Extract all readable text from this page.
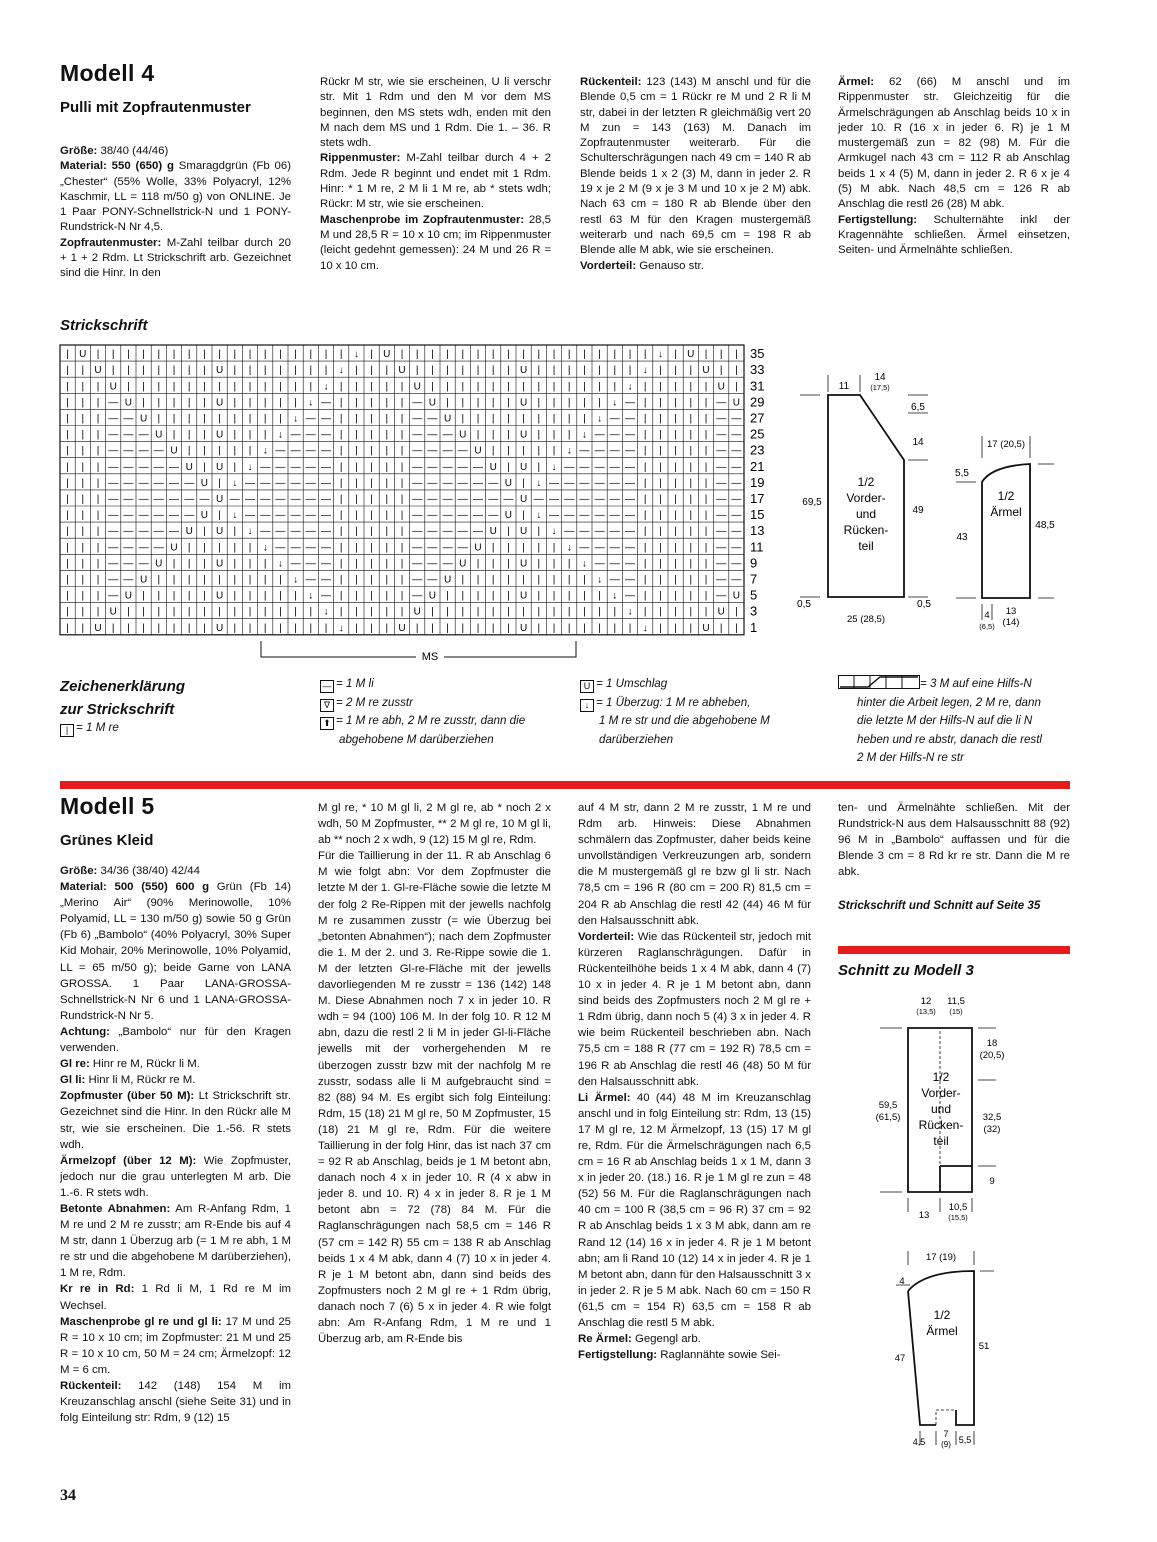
Modell 4
Pulli mit Zopfrautenmuster

Größe: 38/40 (44/46)

Material: 550 (650) g Smaragdgrün (Fb 06) „Chester“ (55% Wolle, 33% Polyacryl, 12% Kaschmir, LL = 118 m/50 g) von ONLINE. Je 1 Paar PONY-Schnellstrick-N und 1 PONY-Rundstrick-N Nr 4,5.

Zopfrautenmuster: M-Zahl teilbar durch 20 + 1 + 2 Rdm. Lt Strickschrift arb. Gezeichnet sind die Hinr. In den

Rückr M str, wie sie erscheinen, U li verschr str. Mit 1 Rdm und den M vor dem MS beginnen, den MS stets wdh, enden mit den M nach dem MS und 1 Rdm. Die 1. – 36. R stets wdh.

Rippenmuster: M-Zahl teilbar durch 4 + 2 Rdm. Jede R beginnt und endet mit 1 Rdm. Hinr: * 1 M re, 2 M li 1 M re, ab * stets wdh; Rückr: M str, wie sie erscheinen.

Maschenprobe im Zopfrautenmuster: 28,5 M und 28,5 R = 10 x 10 cm; im Rippenmuster (leicht gedehnt gemessen): 24 M und 26 R = 10 x 10 cm.

Rückenteil: 123 (143) M anschl und für die Blende 0,5 cm = 1 Rückr re M und 2 R li M str, dabei in der letzten R gleichmäßig vert 20 M zun = 143 (163) M. Danach im Zopfrautenmuster weiterarb. Für die Schulterschrägungen nach 49 cm = 140 R ab Blende beids 1 x 2 (3) M, dann in jeder 2. R 19 x je 2 M (9 x je 3 M und 10 x je 2 M) abk. Nach 63 cm = 180 R ab Blende über den restl 63 M für den Kragen mustergemäß weiterarb und nach 69,5 cm = 198 R ab Blende alle M abk, wie sie erscheinen.

Vorderteil: Genauso str.

Ärmel: 62 (66) M anschl und im Rippenmuster str. Gleichzeitig für die Ärmelschrägungen ab Anschlag beids 10 x in jeder 10. R (16 x in jeder 6. R) je 1 M mustergemäß zun = 82 (98) M. Für die Armkugel nach 43 cm = 112 R ab Anschlag beids 1 x 4 (5) M, dann in jeder 2. R 6 x je 4 (5) M abk. Nach 48,5 cm = 126 R ab Anschlag die restl 26 (28) M abk.

Fertigstellung: Schulternähte inkl der Kragennähte schließen. Ärmel einsetzen, Seiten- und Ärmelnähte schließen.

Strickschrift
| U | | | | | | | | | | | | | | | | | ↓ | U | | | | | | | | | | | | | | | | | ↓ | U | | |
| | U | | | | | | | U | | | | | | | ↓ | | | U | | | | | | | U | | | | | | | ↓ | | | U | |
| | | U | | | | | | | | | | | | | ↓ | | | | | U | | | | | | | | | | | | | ↓ | | | | | U |
| | | — U | | | | | U | | | | | ↓ — | | | | | — U | | | | | U | | | | | ↓ — | | | | | — U
| | | — — U | | | | | | | | | ↓ — — | | | | | — — U | | | | | | | | | ↓ — — | | | | | — —
| | | — — — U | | | U | | | ↓ — — — | | | | | — — — U | | | U | | | ↓ — — — | | | | | — —
| | | — — — — U | | | | | ↓ — — — — | | | | | — — — — U | | | | | ↓ — — — — | | | | | — —
| | | — — — — — U | U | ↓ — — — — — | | | | | — — — — — U | U | ↓ — — — — — | | | | | — —
| | | — — — — — — U | ↓ — — — — — — | | | | | — — — — — — U | ↓ — — — — — — | | | | | — —
| | | — — — — — — — U — — — — — — — | | | | | — — — — — — — U — — — — — — — | | | | | — —
| | | — — — — — — U | ↓ — — — — — — | | | | | — — — — — — U | ↓ — — — — — — | | | | | — —
| | | — — — — — U | U | ↓ — — — — — | | | | | — — — — — U | U | ↓ — — — — — | | | | | — —
| | | — — — — U | | | | | ↓ — — — — | | | | | — — — — U | | | | | ↓ — — — — | | | | | — —
| | | — — — U | | | U | | | ↓ — — — | | | | | — — — U | | | U | | | ↓ — — — | | | | | — —
| | | — — U | | | | | | | | | ↓ — — | | | | | — — U | | | | | | | | | ↓ — — | | | | | — —
| | | — U | | | | | U | | | | | ↓ — | | | | | — U | | | | | U | | | | | ↓ — | | | | | — U
| | | U | | | | | | | | | | | | | ↓ | | | | | U | | | | | | | | | | | | | ↓ | | | | | U |
| | U | | | | | | | U | | | | | | | ↓ | | | U | | | | | | | U | | | | | | | ↓ | | | U | |
35
33
31
29
27
25
23
21
19
17
15
13
11
9
7
5
3
1
MS
11
14
(17,5)
6,5
14
69,5
49
0,5	0,5
25 (28,5)
1/2
Vorder-
und
Rücken-
teil
17 (20,5)
5,5
43
48,5
4
(6,5)
13
(14)
1/2
Ärmel
Zeichenerklärung
zur Strickschrift
| = 1 M re
— = 1 M li
∇ = 2 M re zusstr
⬆ = 1 M re abh, 2 M re zusstr, dann die
abgehobene M darüberziehen
U = 1 Umschlag
↓ = 1 Überzug: 1 M re abheben,
1 M re str und die abgehobene M
darüberziehen
= 3 M auf eine Hilfs-N
hinter die Arbeit legen, 2 M re, dann
die letzte M der Hilfs-N auf die li N
heben und re abstr, danach die restl
2 M der Hilfs-N re str
Modell 5
Grünes Kleid

Größe: 34/36 (38/40) 42/44

Material: 500 (550) 600 g Grün (Fb 14) „Merino Air“ (90% Merinowolle, 10% Polyamid, LL = 130 m/50 g) sowie 50 g Grün (Fb 6) „Bambolo“ (40% Polyacryl, 30% Super Kid Mohair, 20% Merinowolle, 10% Polyamid, LL = 65 m/50 g); beide Garne von LANA GROSSA. 1 Paar LANA-GROSSA-Schnellstrick-N Nr 6 und 1 LANA-GROSSA-Rundstrick-N Nr 5.

Achtung: „Bambolo“ nur für den Kragen verwenden.

Gl re: Hinr re M, Rückr li M.

Gl li: Hinr li M, Rückr re M.

Zopfmuster (über 50 M): Lt Strickschrift str. Gezeichnet sind die Hinr. In den Rückr alle M str, wie sie erscheinen. Die 1.-56. R stets wdh.

Ärmelzopf (über 12 M): Wie Zopfmuster, jedoch nur die grau unterlegten M arb. Die 1.-6. R stets wdh.

Betonte Abnahmen: Am R-Anfang Rdm, 1 M re und 2 M re zusstr; am R-Ende bis auf 4 M str, dann 1 Überzug arb (= 1 M re abh, 1 M re str und die abgehobene M darüberziehen), 1 M re, Rdm.

Kr re in Rd: 1 Rd li M, 1 Rd re M im Wechsel.

Maschenprobe gl re und gl li: 17 M und 25 R = 10 x 10 cm; im Zopfmuster: 21 M und 25 R = 10 x 10 cm, 50 M = 24 cm; Ärmelzopf: 12 M = 6 cm.

Rückenteil: 142 (148) 154 M im Kreuzanschlag anschl (siehe Seite 31) und in folg Einteilung str: Rdm, 9 (12) 15

M gl re, * 10 M gl li, 2 M gl re, ab * noch 2 x wdh, 50 M Zopfmuster, ** 2 M gl re, 10 M gl li, ab ** noch 2 x wdh, 9 (12) 15 M gl re, Rdm.

Für die Taillierung in der 11. R ab Anschlag 6 M wie folgt abn: Vor dem Zopfmuster die letzte M der 1. Gl-re-Fläche sowie die letzte M der folg 2 Re-Rippen mit der jewells nachfolg M re zusammen zusstr (= wie Überzug bei „betonten Abnahmen“); nach dem Zopfmuster die 1. M der 2. und 3. Re-Rippe sowie die 1. M der letzten Gl-re-Fläche mit der jewells davorliegenden M re zusstr = 136 (142) 148 M. Diese Abnahmen noch 7 x in jeder 10. R wdh = 94 (100) 106 M. In der folg 10. R 12 M abn, dazu die restl 2 li M in jeder Gl-li-Fläche jewells mit der vorhergehenden M re überzogen zusstr bzw mit der nachfolg M re zusstr, sodass alle li M aufgebraucht sind = 82 (88) 94 M. Es ergibt sich folg Einteilung: Rdm, 15 (18) 21 M gl re, 50 M Zopfmuster, 15 (18) 21 M gl re, Rdm. Für die weitere Taillierung in der folg Hinr, das ist nach 37 cm = 92 R ab Anschlag, beids je 1 M betont abn, danach noch 4 x in jeder 10. R (4 x abw in jeder 8. und 10. R) 4 x in jeder 8. R je 1 M betont abn = 72 (78) 84 M. Für die Raglanschrägungen nach 58,5 cm = 146 R (57 cm = 142 R) 55 cm = 138 R ab Anschlag beids 1 x 4 M abk, dann 4 (7) 10 x in jeder 4. R je 1 M betont abn, dann sind beids des Zopfmusters noch 2 M gl re + 1 Rdm übrig, danach noch 7 (6) 5 x in jeder 4. R wie folgt abn: Am R-Anfang Rdm, 1 M re und 1 Überzug arb, am R-Ende bis

auf 4 M str, dann 2 M re zusstr, 1 M re und Rdm arb. Hinweis: Diese Abnahmen schmälern das Zopfmuster, daher beids keine unvollständigen Verkreuzungen arb, sondern die M mustergemäß gl re bzw gl li str. Nach 78,5 cm = 196 R (80 cm = 200 R) 81,5 cm = 204 R ab Anschlag die restl 42 (44) 46 M für den Halsausschnitt abk.

Vorderteil: Wie das Rückenteil str, jedoch mit kürzeren Raglanschrägungen. Dafür in Rückenteilhöhe beids 1 x 4 M abk, dann 4 (7) 10 x in jeder 4. R je 1 M betont abn, dann sind beids des Zopfmusters noch 2 M gl re + 1 Rdm übrig, dann noch 5 (4) 3 x in jeder 4. R wie beim Rückenteil beschrieben abn. Nach 75,5 cm = 188 R (77 cm = 192 R) 78,5 cm = 196 R ab Anschlag die restl 46 (48) 50 M für den Halsausschnitt abk.

Li Ärmel: 40 (44) 48 M im Kreuzanschlag anschl und in folg Einteilung str: Rdm, 13 (15) 17 M gl re, 12 M Ärmelzopf, 13 (15) 17 M gl re, Rdm. Für die Ärmelschrägungen nach 6,5 cm = 16 R ab Anschlag beids 1 x 1 M, dann 3 x in jeder 20. (18.) 16. R je 1 M gl re zun = 48 (52) 56 M. Für die Raglanschrägungen nach 40 cm = 100 R (38,5 cm = 96 R) 37 cm = 92 R ab Anschlag beids 1 x 3 M abk, dann am re Rand 12 (14) 16 x in jeder 4. R je 1 M betont abn; am li Rand 10 (12) 14 x in jeder 4. R je 1 M betont abn, dann für den Halsausschnitt 3 x in jeder 2. R je 5 M abk. Nach 60 cm = 150 R (61,5 cm = 154 R) 63,5 cm = 158 R ab Anschlag die restl 5 M abk.

Re Ärmel: Gegengl arb.

Fertigstellung: Raglannähte sowie Sei-

ten- und Ärmelnähte schließen. Mit der Rundstrick-N aus dem Halsausschnitt 88 (92) 96 M in „Bambolo“ auffassen und für die Blende 3 cm = 8 Rd kr re str. Dann die M re abk.

Strickschrift und Schnitt auf Seite 35
Schnitt zu Modell 3
12
(13,5)
11,5
(15)
18
(20,5)
59,5
(61,5)	32,5
(32)
9
13
10,5
(15,5)
1/2
Vorder-
und
Rücken-
teil
17 (19)
4
47
51
4,5
7
(9) 5,5
1/2
Ärmel
34
